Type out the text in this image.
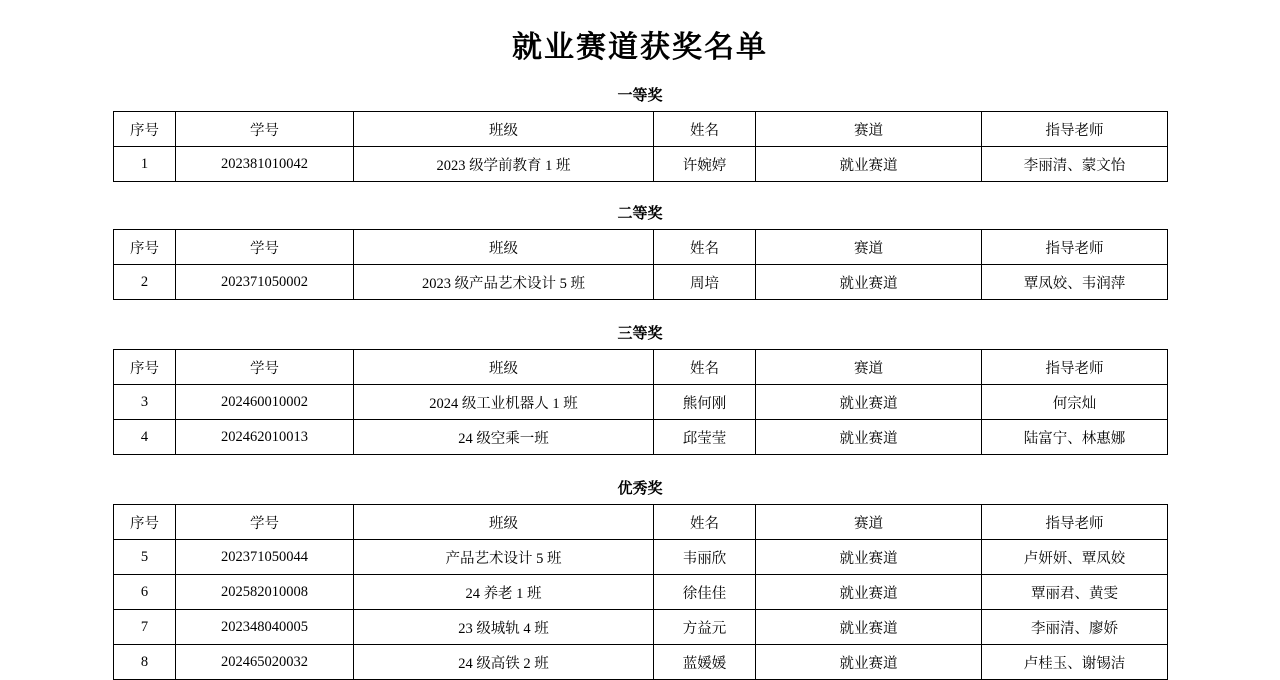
就业赛道获奖名单
一等奖
序号	学号	班级	姓名	赛道	指导老师
1	202381010042	2023 级学前教育 1 班	许婉婷	就业赛道	李丽清、蒙文怡
二等奖
序号	学号	班级	姓名	赛道	指导老师
2	202371050002	2023 级产品艺术设计 5 班	周培	就业赛道	覃凤姣、韦润萍
三等奖
序号	学号	班级	姓名	赛道	指导老师
3	202460010002	2024 级工业机器人 1 班	熊何刚	就业赛道	何宗灿
4	202462010013	24 级空乘一班	邱莹莹	就业赛道	陆富宁、林惠娜
优秀奖
序号	学号	班级	姓名	赛道	指导老师
5	202371050044	产品艺术设计 5 班	韦丽欣	就业赛道	卢妍妍、覃凤姣
6	202582010008	24 养老 1 班	徐佳佳	就业赛道	覃丽君、黄雯
7	202348040005	23 级城轨 4 班	方益元	就业赛道	李丽清、廖娇
8	202465020032	24 级高铁 2 班	蓝媛媛	就业赛道	卢桂玉、谢锡洁
